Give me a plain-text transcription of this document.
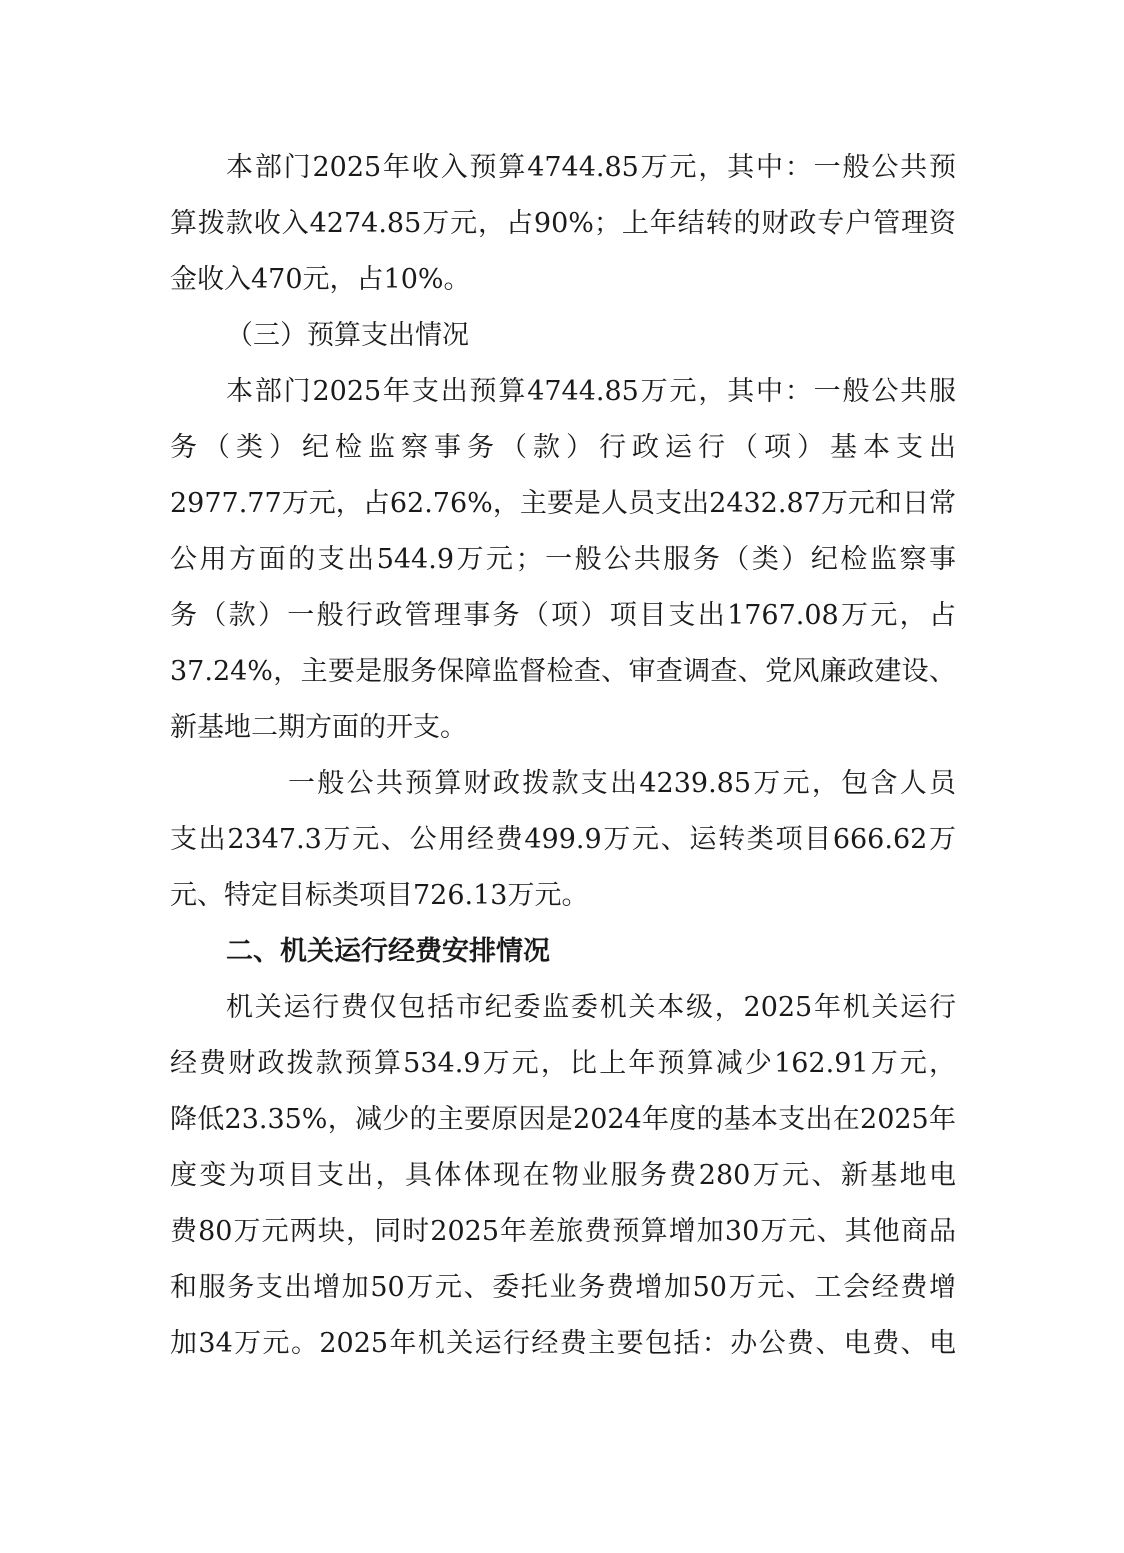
本部门2025年收入预算4744.85万元，其中：一般公共预
算拨款收入4274.85万元，占90%；上年结转的财政专户管理资
金收入470元，占10%。
（三）预算支出情况
本部门2025年支出预算4744.85万元，其中：一般公共服
务（类）纪检监察事务（款）行政运行（项）基本支出
2977.77万元，占62.76%，主要是人员支出2432.87万元和日常
公用方面的支出544.9万元；一般公共服务（类）纪检监察事
务（款）一般行政管理事务（项）项目支出1767.08万元，占
37.24%，主要是服务保障监督检查、审查调查、党风廉政建设、
新基地二期方面的开支。
一般公共预算财政拨款支出4239.85万元，包含人员
支出2347.3万元、公用经费499.9万元、运转类项目666.62万
元、特定目标类项目726.13万元。
二、机关运行经费安排情况
机关运行费仅包括市纪委监委机关本级，2025年机关运行
经费财政拨款预算534.9万元，比上年预算减少162.91万元，
降低23.35%，减少的主要原因是2024年度的基本支出在2025年
度变为项目支出，具体体现在物业服务费280万元、新基地电
费80万元两块，同时2025年差旅费预算增加30万元、其他商品
和服务支出增加50万元、委托业务费增加50万元、工会经费增
加34万元。2025年机关运行经费主要包括：办公费、电费、电
